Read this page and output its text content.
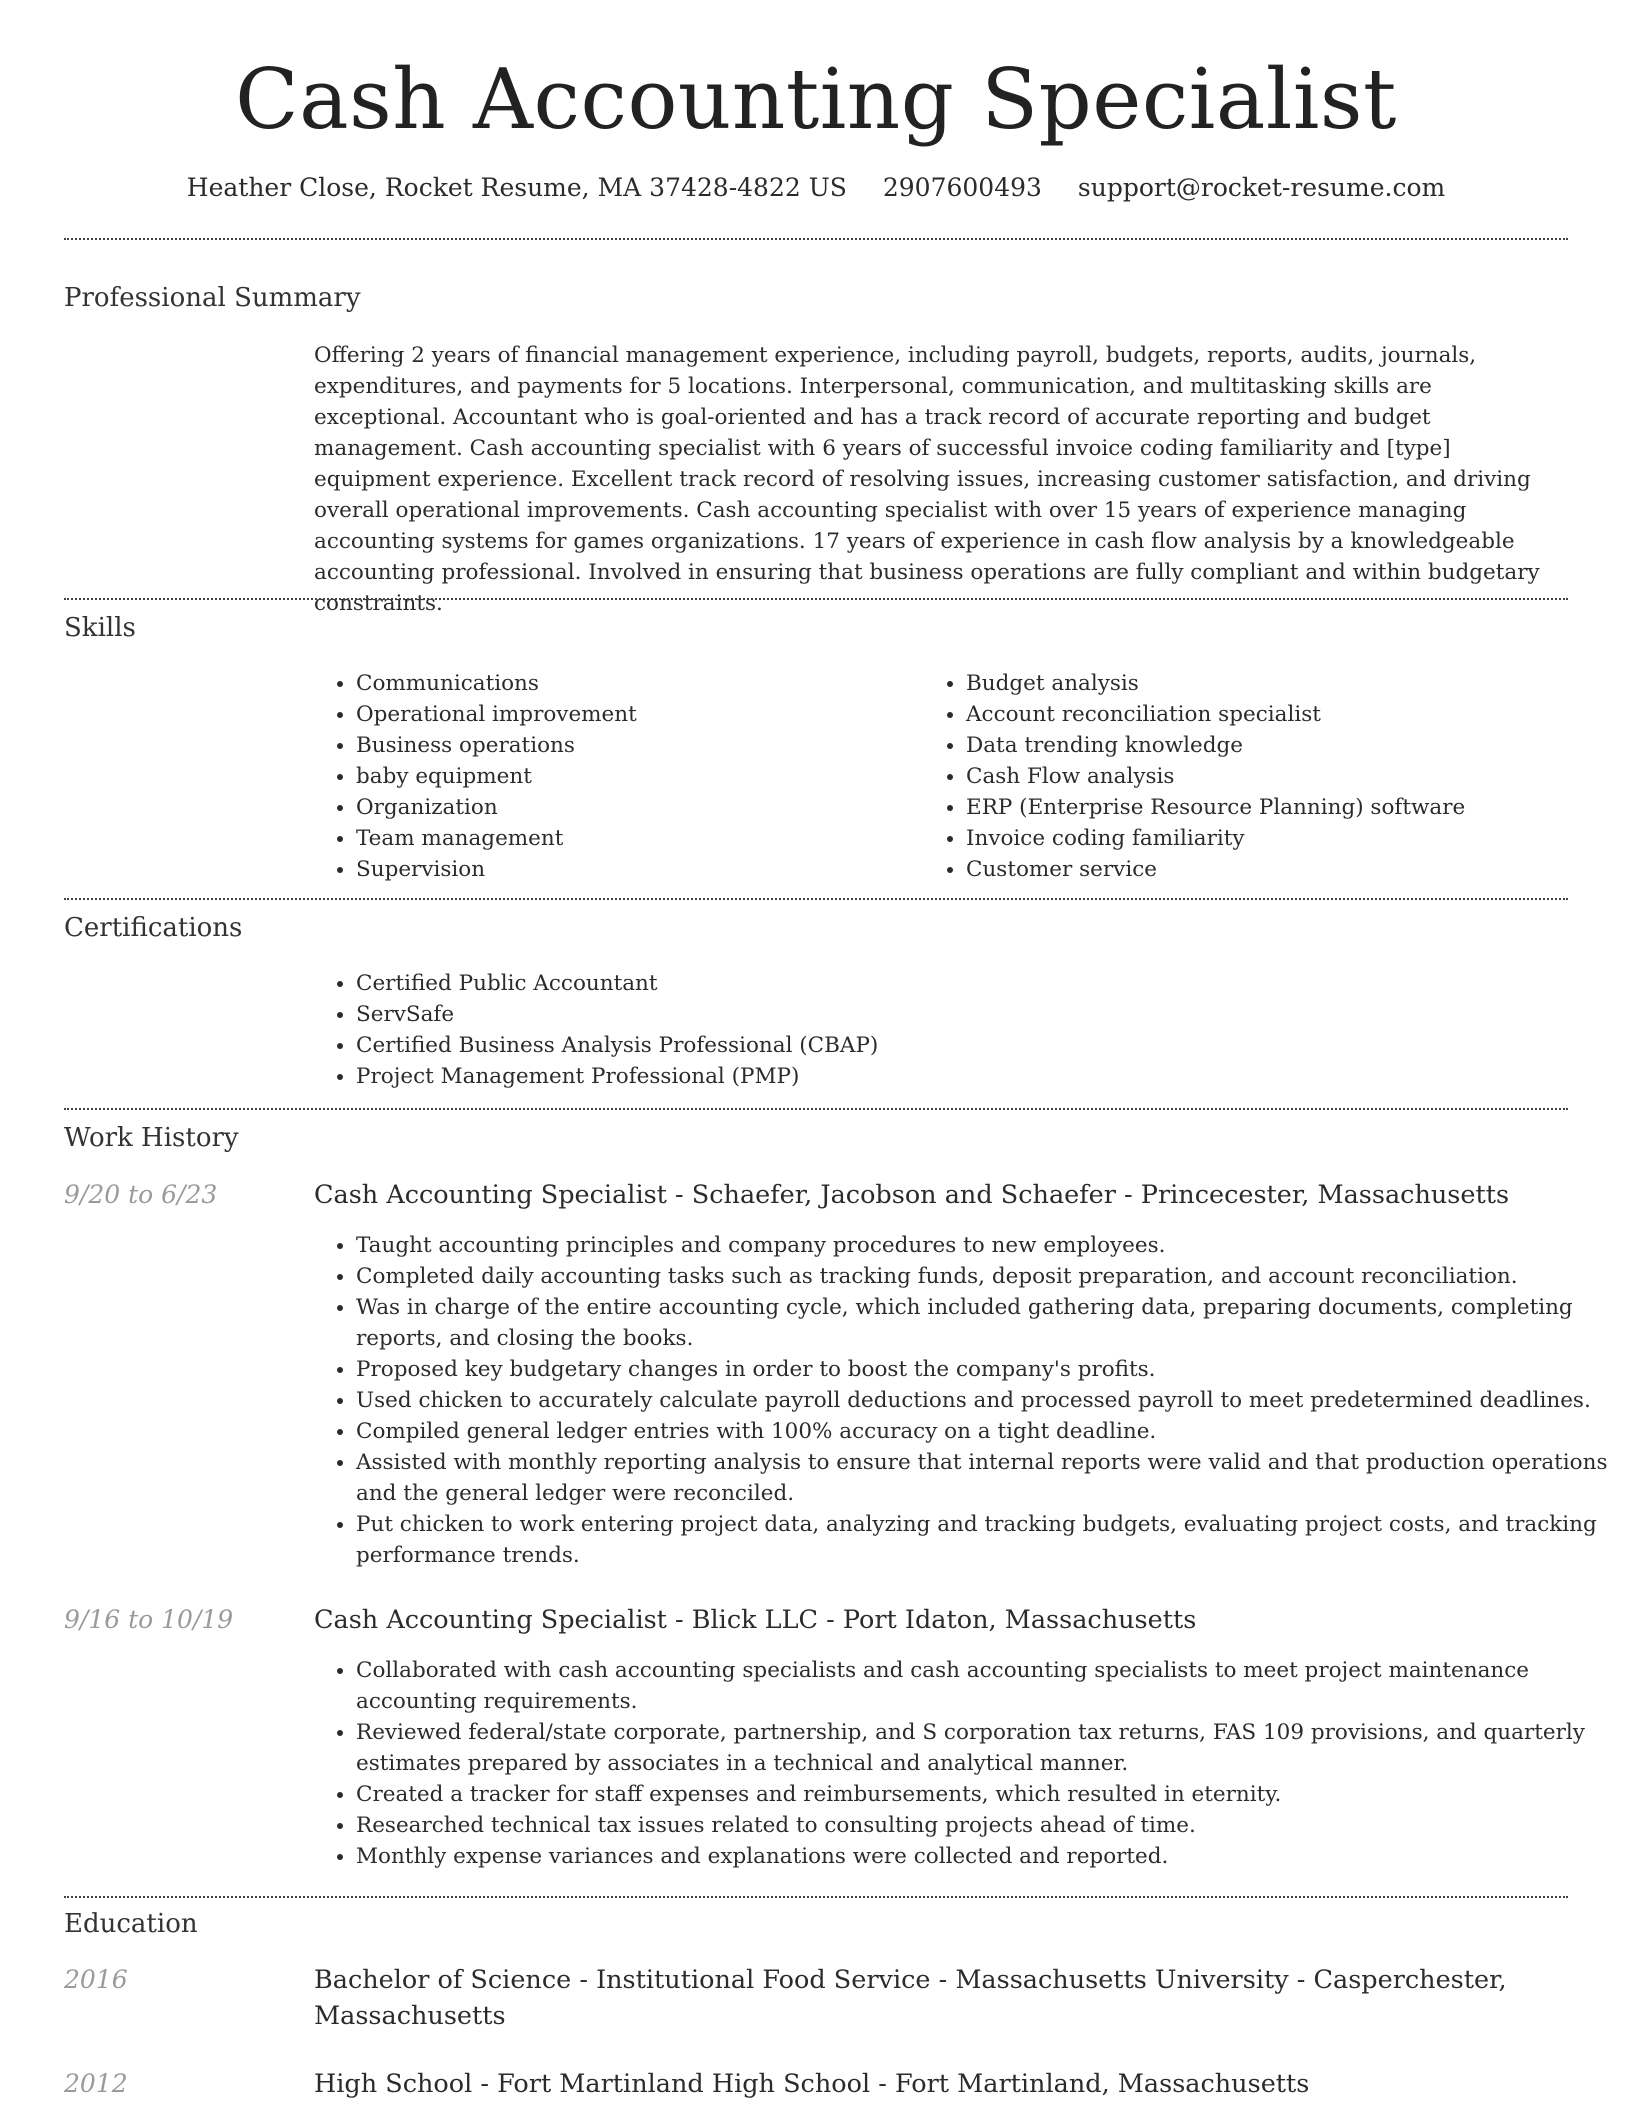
Cash Accounting Specialist
Heather Close, Rocket Resume, MA 37428-4822 US 2907600493 support@rocket-resume.com
Professional Summary

Offering 2 years of financial management experience, including payroll, budgets, reports, audits, journals, expenditures, and payments for 5 locations. Interpersonal, communication, and multitasking skills are exceptional. Accountant who is goal-oriented and has a track record of accurate reporting and budget management. Cash accounting specialist with 6 years of successful invoice coding familiarity and [type] equipment experience. Excellent track record of resolving issues, increasing customer satisfaction, and driving overall operational improvements. Cash accounting specialist with over 15 years of experience managing accounting systems for games organizations. 17 years of experience in cash flow analysis by a knowledgeable accounting professional. Involved in ensuring that business operations are fully compliant and within budgetary constraints.

Skills
• Communications
• Operational improvement
• Business operations
• baby equipment
• Organization
• Team management
• Supervision
• Budget analysis
• Account reconciliation specialist
• Data trending knowledge
• Cash Flow analysis
• ERP (Enterprise Resource Planning) software
• Invoice coding familiarity
• Customer service
Certifications
• Certified Public Accountant
• ServSafe
• Certified Business Analysis Professional (CBAP)
• Project Management Professional (PMP)
Work History
9/20 to 6/23	Cash Accounting Specialist - Schaefer, Jacobson and Schaefer - Princecester, Massachusetts
• Taught accounting principles and company procedures to new employees.
• Completed daily accounting tasks such as tracking funds, deposit preparation, and account reconciliation.
• Was in charge of the entire accounting cycle, which included gathering data, preparing documents, completing reports, and closing the books.
• Proposed key budgetary changes in order to boost the company's profits.
• Used chicken to accurately calculate payroll deductions and processed payroll to meet predetermined deadlines.
• Compiled general ledger entries with 100% accuracy on a tight deadline.
• Assisted with monthly reporting analysis to ensure that internal reports were valid and that production operations and the general ledger were reconciled.
• Put chicken to work entering project data, analyzing and tracking budgets, evaluating project costs, and tracking performance trends.
9/16 to 10/19	Cash Accounting Specialist - Blick LLC - Port Idaton, Massachusetts
• Collaborated with cash accounting specialists and cash accounting specialists to meet project maintenance accounting requirements.
• Reviewed federal/state corporate, partnership, and S corporation tax returns, FAS 109 provisions, and quarterly estimates prepared by associates in a technical and analytical manner.
• Created a tracker for staff expenses and reimbursements, which resulted in eternity.
• Researched technical tax issues related to consulting projects ahead of time.
• Monthly expense variances and explanations were collected and reported.
Education
2016	Bachelor of Science - Institutional Food Service - Massachusetts University - Casperchester, Massachusetts
2012	High School - Fort Martinland High School - Fort Martinland, Massachusetts
